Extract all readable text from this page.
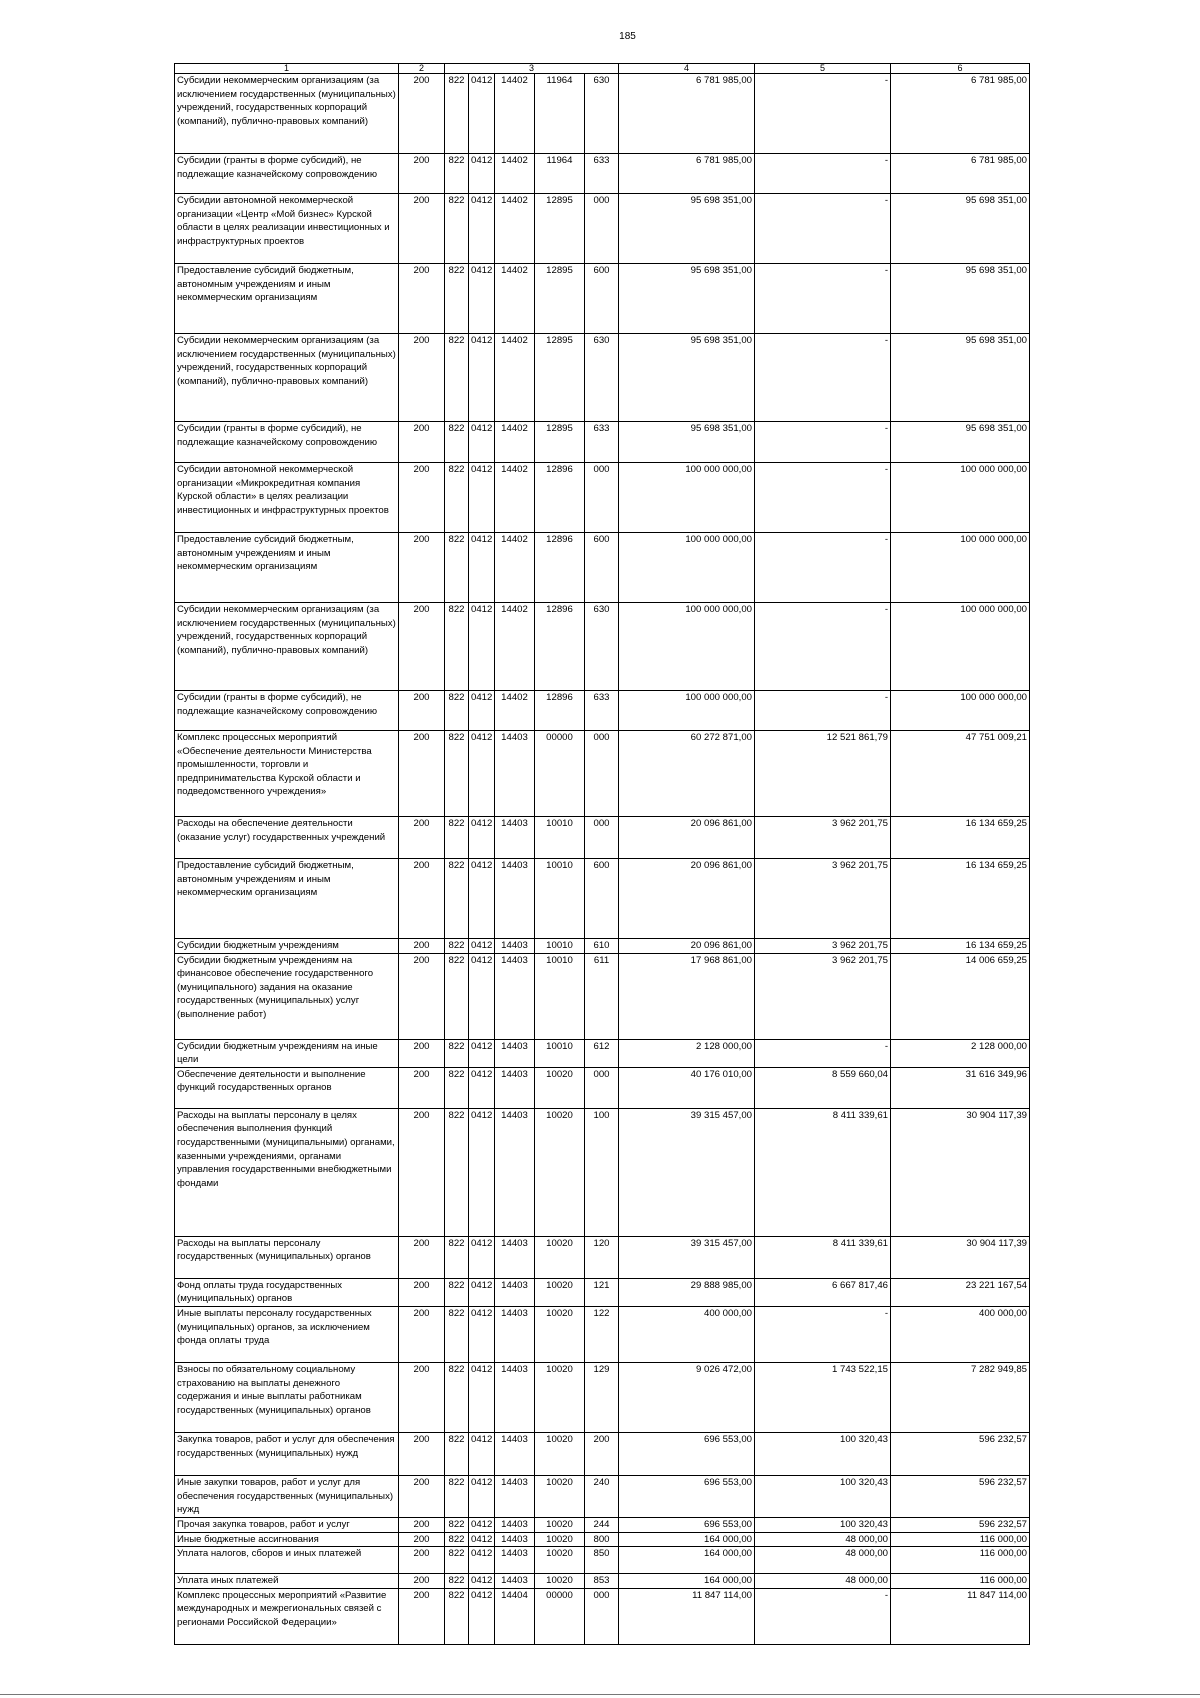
185
1	2	3					4	5	6
Субсидии некоммерческим организациям (за исключением государственных (муниципальных) учреждений, государственных корпораций (компаний), публично-правовых компаний)	200	822	0412	14402	11964	630	6 781 985,00	-	6 781 985,00
Субсидии (гранты в форме субсидий), не подлежащие казначейскому сопровождению	200	822	0412	14402	11964	633	6 781 985,00	-	6 781 985,00
Субсидии автономной некоммерческой организации «Центр «Мой бизнес» Курской области в целях реализации инвестиционных и инфраструктурных проектов	200	822	0412	14402	12895	000	95 698 351,00	-	95 698 351,00
Предоставление субсидий бюджетным, автономным учреждениям и иным некоммерческим организациям	200	822	0412	14402	12895	600	95 698 351,00	-	95 698 351,00
Субсидии некоммерческим организациям (за исключением государственных (муниципальных) учреждений, государственных корпораций (компаний), публично-правовых компаний)	200	822	0412	14402	12895	630	95 698 351,00	-	95 698 351,00
Субсидии (гранты в форме субсидий), не подлежащие казначейскому сопровождению	200	822	0412	14402	12895	633	95 698 351,00	-	95 698 351,00
Субсидии автономной некоммерческой организации «Микрокредитная компания Курской области» в целях реализации инвестиционных и инфраструктурных проектов	200	822	0412	14402	12896	000	100 000 000,00	-	100 000 000,00
Предоставление субсидий бюджетным, автономным учреждениям и иным некоммерческим организациям	200	822	0412	14402	12896	600	100 000 000,00	-	100 000 000,00
Субсидии некоммерческим организациям (за исключением государственных (муниципальных) учреждений, государственных корпораций (компаний), публично-правовых компаний)	200	822	0412	14402	12896	630	100 000 000,00	-	100 000 000,00
Субсидии (гранты в форме субсидий), не подлежащие казначейскому сопровождению	200	822	0412	14402	12896	633	100 000 000,00	-	100 000 000,00
Комплекс процессных мероприятий «Обеспечение деятельности Министерства промышленности, торговли и предпринимательства Курской области и подведомственного учреждения»	200	822	0412	14403	00000	000	60 272 871,00	12 521 861,79	47 751 009,21
Расходы на обеспечение деятельности (оказание услуг) государственных учреждений	200	822	0412	14403	10010	000	20 096 861,00	3 962 201,75	16 134 659,25
Предоставление субсидий бюджетным, автономным учреждениям и иным некоммерческим организациям	200	822	0412	14403	10010	600	20 096 861,00	3 962 201,75	16 134 659,25
Субсидии бюджетным учреждениям	200	822	0412	14403	10010	610	20 096 861,00	3 962 201,75	16 134 659,25
Субсидии бюджетным учреждениям на финансовое обеспечение государственного (муниципального) задания на оказание государственных (муниципальных) услуг (выполнение работ)	200	822	0412	14403	10010	611	17 968 861,00	3 962 201,75	14 006 659,25
Субсидии бюджетным учреждениям на иные цели	200	822	0412	14403	10010	612	2 128 000,00	-	2 128 000,00
Обеспечение деятельности и выполнение функций государственных органов	200	822	0412	14403	10020	000	40 176 010,00	8 559 660,04	31 616 349,96
Расходы на выплаты персоналу в целях обеспечения выполнения функций государственными (муниципальными) органами, казенными учреждениями, органами управления государственными внебюджетными фондами	200	822	0412	14403	10020	100	39 315 457,00	8 411 339,61	30 904 117,39
Расходы на выплаты персоналу государственных (муниципальных) органов	200	822	0412	14403	10020	120	39 315 457,00	8 411 339,61	30 904 117,39
Фонд оплаты труда государственных (муниципальных) органов	200	822	0412	14403	10020	121	29 888 985,00	6 667 817,46	23 221 167,54
Иные выплаты персоналу государственных (муниципальных) органов, за исключением фонда оплаты труда	200	822	0412	14403	10020	122	400 000,00	-	400 000,00
Взносы по обязательному социальному страхованию на выплаты денежного содержания и иные выплаты работникам государственных (муниципальных) органов	200	822	0412	14403	10020	129	9 026 472,00	1 743 522,15	7 282 949,85
Закупка товаров, работ и услуг для обеспечения государственных (муниципальных) нужд	200	822	0412	14403	10020	200	696 553,00	100 320,43	596 232,57
Иные закупки товаров, работ и услуг для обеспечения государственных (муниципальных) нужд	200	822	0412	14403	10020	240	696 553,00	100 320,43	596 232,57
Прочая закупка товаров, работ и услуг	200	822	0412	14403	10020	244	696 553,00	100 320,43	596 232,57
Иные бюджетные ассигнования	200	822	0412	14403	10020	800	164 000,00	48 000,00	116 000,00
Уплата налогов, сборов и иных платежей	200	822	0412	14403	10020	850	164 000,00	48 000,00	116 000,00
Уплата иных платежей	200	822	0412	14403	10020	853	164 000,00	48 000,00	116 000,00
Комплекс процессных мероприятий «Развитие международных и межрегиональных связей с регионами Российской Федерации»	200	822	0412	14404	00000	000	11 847 114,00	-	11 847 114,00
